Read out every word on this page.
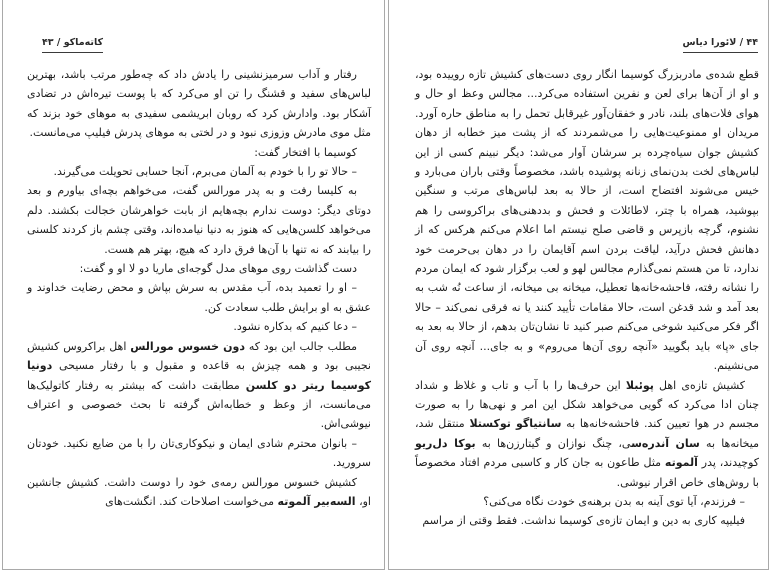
۴۴ / لائورا دیاس

قطع شده‌ی مادربزرگ کوسیما انگار روی دست‌های کشیش تازه روییده بود، و او از آن‌ها برای لعن و نفرین استفاده می‌کرد... مجالس وعظ او حال و هوای فلات‌های بلند، نادر و خفقان‌آور غیرقابل تحمل را به مناطق حاره آورد. مریدان او ممنوعیت‌هایی را می‌شمردند که از پشت میز خطابه از دهان کشیش جوان سیاه‌چرده بر سرشان آوار می‌شد: دیگر نبینم کسی از این لباس‌های لخت بدن‌نمای زنانه پوشیده باشد، مخصوصاً وقتی باران می‌بارد و خیس می‌شوند افتضاح است، از حالا به بعد لباس‌های مرتب و سنگین بپوشید، همراه با چتر، لاطائلات و فحش و بددهنی‌های براکروسی را هم نشنوم، گرچه بازپرس و قاضی صلح نیستم اما اعلام می‌کنم هرکس که از دهانش فحش درآید، لیاقت بردن اسم آقایمان را در دهان بی‌حرمت خود ندارد، تا من هستم نمی‌گذارم مجالس لهو و لعب برگزار شود که ایمان مردم را نشانه رفته، فاحشه‌خانه‌ها تعطیل، میخانه بی میخانه، از ساعت نُه شب به بعد آمد و شد قدغن است، حالا مقامات تأیید کنند یا نه فرقی نمی‌کند – حالا اگر فکر می‌کنید شوخی می‌کنم صبر کنید تا نشان‌تان بدهم، از حالا به بعد به جای «پا» باید بگویید «آنچه روی آن‌ها می‌روم» و به جای... آنچه روی آن می‌نشینم.

کشیش تازه‌ی اهل پوئبلا این حرف‌ها را با آب و تاب و غلاظ و شداد چنان ادا می‌کرد که گویی می‌خواهد شکل این امر و نهی‌ها را به صورت مجسم در هوا تعیین کند. فاحشه‌خانه‌ها به سانتیاگو توکستلا منتقل شد، میخانه‌ها به سان آندره‌سی، چنگ نوازان و گیتارزن‌ها به بوکا دل‌ریو کوچیدند، پدر آلموته مثل طاعون به جان کار و کاسبی مردم افتاد مخصوصاً با روش‌های خاص اقرار نیوشی.

– فرزندم، آیا توی آینه به بدن برهنه‌ی خودت نگاه می‌کنی؟

فیلیپه کاری به دین و ایمان تازه‌ی کوسیما نداشت. فقط وقتی از مراسم

کاته‌ماکو / ۴۳

رفتار و آداب سرمیزنشینی را یادش داد که چه‌طور مرتب باشد، بهترین لباس‌های سفید و قشنگ را تن او می‌کرد که با پوست تیره‌اش در تضادی آشکار بود. وادارش کرد که روبان ابریشمی سفیدی به موهای خود بزند که مثل موی مادرش وزوزی نبود و در لختی به موهای پدرش فیلیپ می‌مانست.

کوسیما با افتخار گفت:

– حالا تو را با خودم به آلمان می‌برم، آنجا حسابی تحویلت می‌گیرند.

به کلیسا رفت و به پدر مورالس گفت، می‌خواهم بچه‌ای بیاورم و بعد دوتای دیگر: دوست ندارم بچه‌هایم از بابت خواهرشان خجالت بکشند. دلم می‌خواهد کلسن‌هایی که هنوز به دنیا نیامده‌اند، وقتی چشم باز کردند کلسنی را بیابند که نه تنها با آن‌ها فرق دارد که هیچ، بهتر هم هست.

دست گذاشت روی موهای مدل گوجه‌ای ماریا دو لا او و گفت:

– او را تعمید بده، آب مقدس به سرش بپاش و محض رضایت خداوند و عشق به او برایش طلب سعادت کن.

– دعا کنیم که بدکاره نشود.

مطلب جالب این بود که دون خسوس مورالس اهل براکروس کشیش نجیبی بود و همه چیزش به قاعده و مقبول و با رفتار مسیحی دونیا کوسیما ریتر دو کلسن مطابقت داشت که بیشتر به رفتار کاتولیک‌ها می‌مانست، از وعظ و خطابه‌اش گرفته تا بحث خصوصی و اعتراف نیوشی‌اش.

– بانوان محترم شادی ایمان و نیکوکاری‌تان را با من ضایع نکنید. خودتان سرورید.

کشیش خسوس مورالس رمه‌ی خود را دوست داشت. کشیش جانشین او، السه‌بیر آلموته می‌خواست اصلاحات کند. انگشت‌های
